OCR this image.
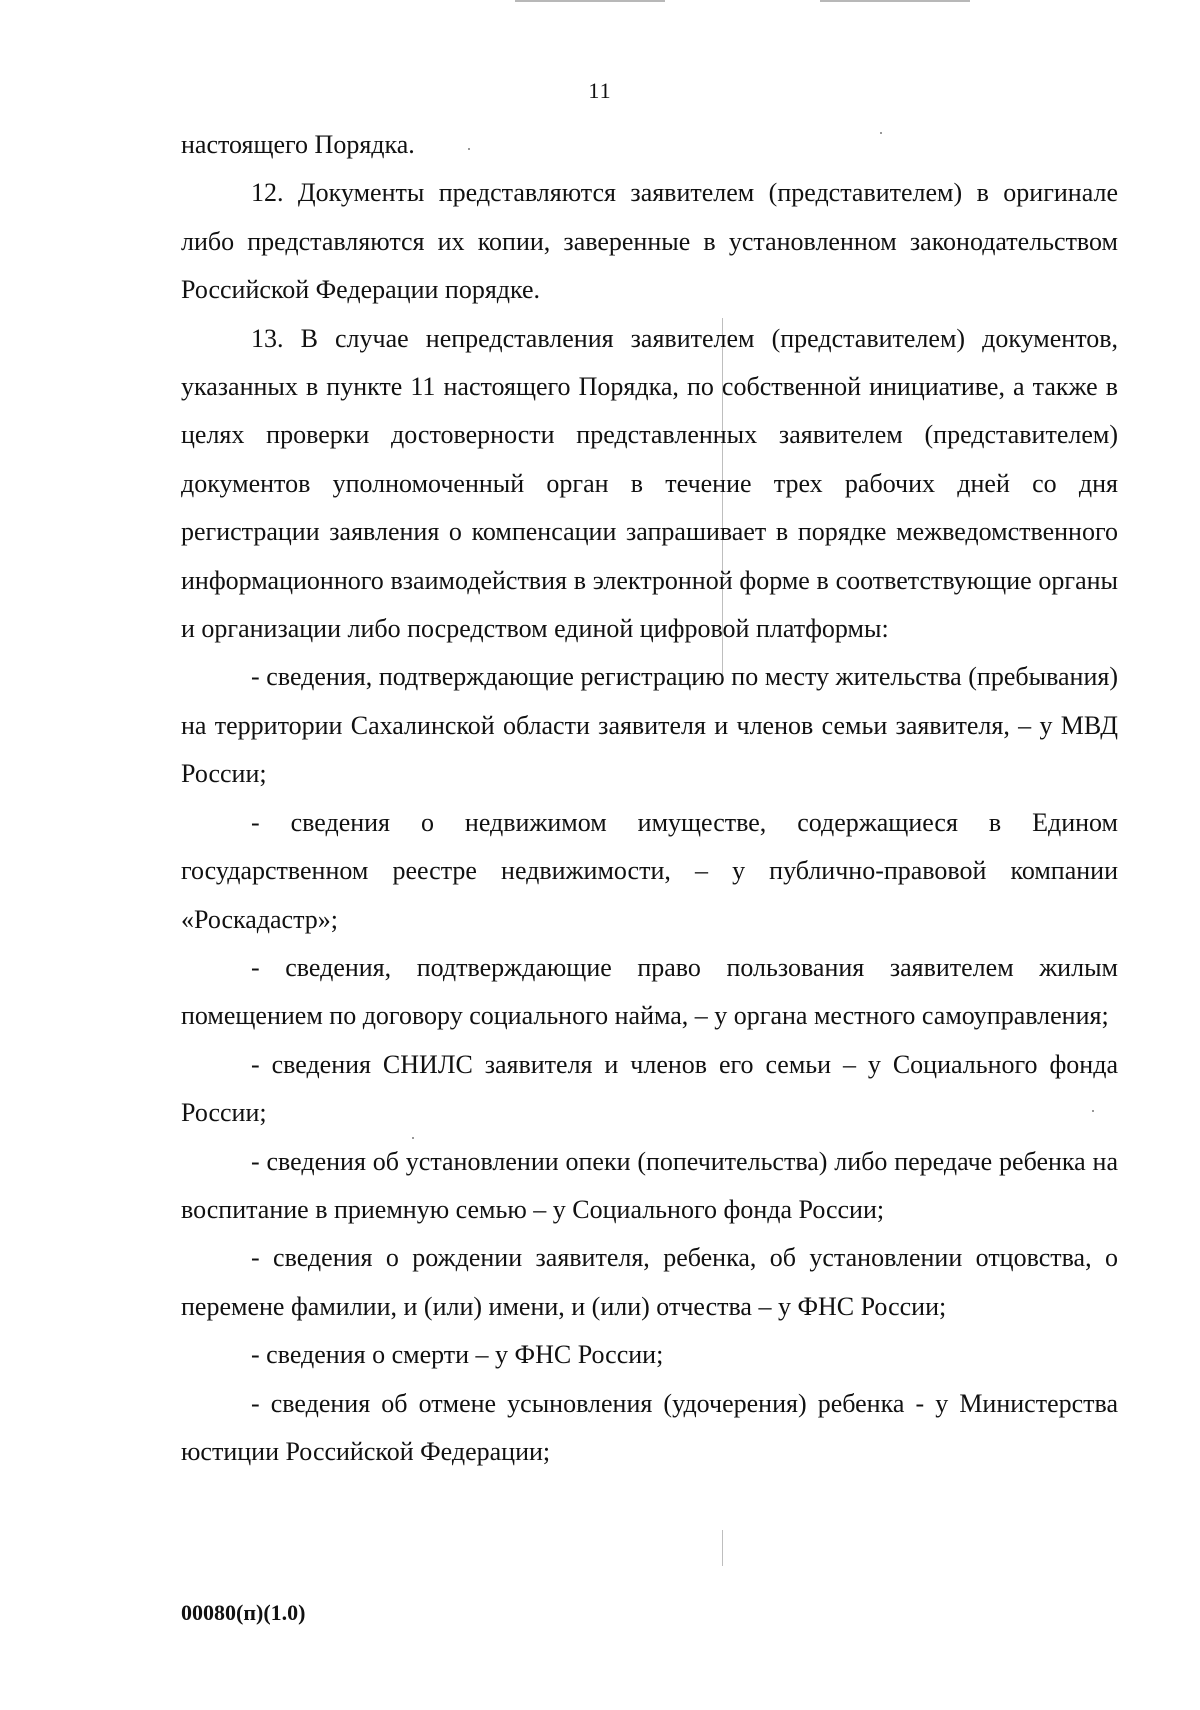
11

настоящего Порядка.

12. Документы представляются заявителем (представителем) в оригинале либо представляются их копии, заверенные в установленном законодательством Российской Федерации порядке.

13. В случае непредставления заявителем (представителем) документов, указанных в пункте 11 настоящего Порядка, по собственной инициативе, а также в целях проверки достоверности представленных заявителем (представителем) документов уполномоченный орган в течение трех рабочих дней со дня регистрации заявления о компенсации запрашивает в порядке межведомственного информационного взаимодействия в электронной форме в соответствующие органы и организации либо посредством единой цифровой платформы:

- сведения, подтверждающие регистрацию по месту жительства (пребывания) на территории Сахалинской области заявителя и членов семьи заявителя, – у МВД России;

- сведения о недвижимом имуществе, содержащиеся в Едином государственном реестре недвижимости, – у публично-правовой компании «Роскадастр»;

- сведения, подтверждающие право пользования заявителем жилым помещением по договору социального найма, – у органа местного самоуправления;

- сведения СНИЛС заявителя и членов его семьи – у Социального фонда России;

- сведения об установлении опеки (попечительства) либо передаче ребенка на воспитание в приемную семью – у Социального фонда России;

- сведения о рождении заявителя, ребенка, об установлении отцовства, о перемене фамилии, и (или) имени, и (или) отчества – у ФНС России;

- сведения о смерти – у ФНС России;

- сведения об отмене усыновления (удочерения) ребенка - у Министерства юстиции Российской Федерации;

00080(п)(1.0)
